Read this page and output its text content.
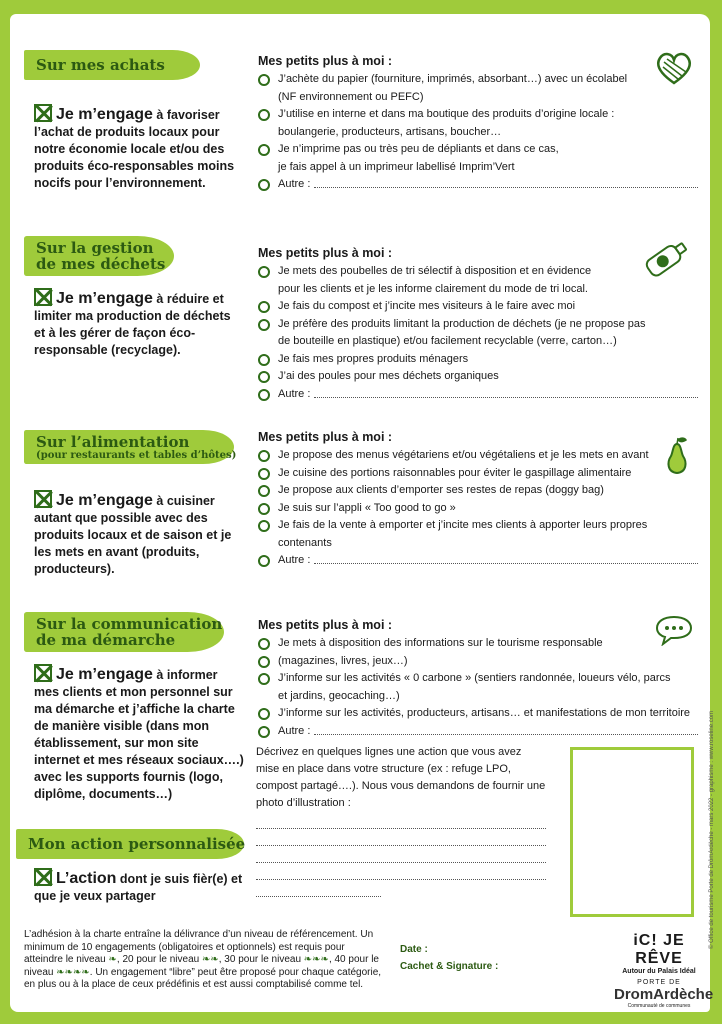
Sur mes achats
Je m’engage à favoriser l’achat de produits locaux pour notre économie locale et/ou des produits éco-responsables moins nocifs pour l’environnement.
Mes petits plus à moi :
J’achète du papier (fourniture, imprimés, absorbant…) avec un écolabel
(NF environnement ou PEFC)
J’utilise en interne et dans ma boutique des produits d’origine locale :
boulangerie, producteurs, artisans, boucher…
Je n’imprime pas ou très peu de dépliants et dans ce cas,
je fais appel à un imprimeur labellisé Imprim’Vert
Autre :
Sur la gestion
de mes déchets
Je m’engage à réduire et limiter ma production de déchets et à les gérer de façon éco-responsable (recyclage).
Mes petits plus à moi :
Je mets des poubelles de tri sélectif à disposition et en évidence
pour les clients et je les informe clairement du mode de tri local.
Je fais du compost et j’incite mes visiteurs à le faire avec moi
Je préfère des produits limitant la production de déchets (je ne propose pas
de bouteille en plastique) et/ou facilement recyclable (verre, carton…)
Je fais mes propres produits ménagers
J’ai des poules pour mes déchets organiques
Autre :
Sur l’alimentation
(pour restaurants et tables d’hôtes)
Je m’engage à cuisiner autant que possible avec des produits locaux et de saison et je les mets en avant (produits, producteurs).
Mes petits plus à moi :
Je propose des menus végétariens et/ou végétaliens et je les mets en avant
Je cuisine des portions raisonnables pour éviter le gaspillage alimentaire
Je propose aux clients d’emporter ses restes de repas (doggy bag)
Je suis sur l’appli « Too good to go »
Je fais de la vente à emporter et j’incite mes clients à apporter leurs propres
contenants
Autre :
Sur la communication
de ma démarche
Je m’engage à informer mes clients et mon personnel sur ma démarche et j’affiche la charte de manière visible (dans mon établissement, sur mon site internet et mes réseaux sociaux….) avec les supports fournis (logo, diplôme, documents…)
Mes petits plus à moi :
Je mets à disposition des informations sur le tourisme responsable
(magazines, livres, jeux…)
J’informe sur les activités « 0 carbone » (sentiers randonnée, loueurs vélo, parcs
et jardins, geocaching…)
J’informe sur les activités, producteurs, artisans… et manifestations de mon territoire
Autre :
Mon action personnalisée
L’action dont je suis fièr(e) et que je veux partager
Décrivez en quelques lignes une action que vous avez mise en place dans votre structure (ex : refuge LPO, compost partagé….). Nous vous demandons de fournir une photo d’illustration :
L’adhésion à la charte entraîne la délivrance d’un niveau de référencement. Un minimum de 10 engagements (obligatoires et optionnels) est requis pour atteindre le niveau ❧, 20 pour le niveau ❧❧, 30 pour le niveau ❧❧❧, 40 pour le niveau ❧❧❧❧. Un engagement “libre” peut être proposé pour chaque catégorie, en plus ou à la place de ceux prédéfinis et est aussi comptabilisé comme tel.
Date :
Cachet & Signature :
iC! JE RÊVE
Autour du Palais Idéal
PORTE DE
DromArdèche
Communauté de communes
© Office de tourisme Porte de DrômArdèche - mars 2022 - graphisme : www.roseline.com
